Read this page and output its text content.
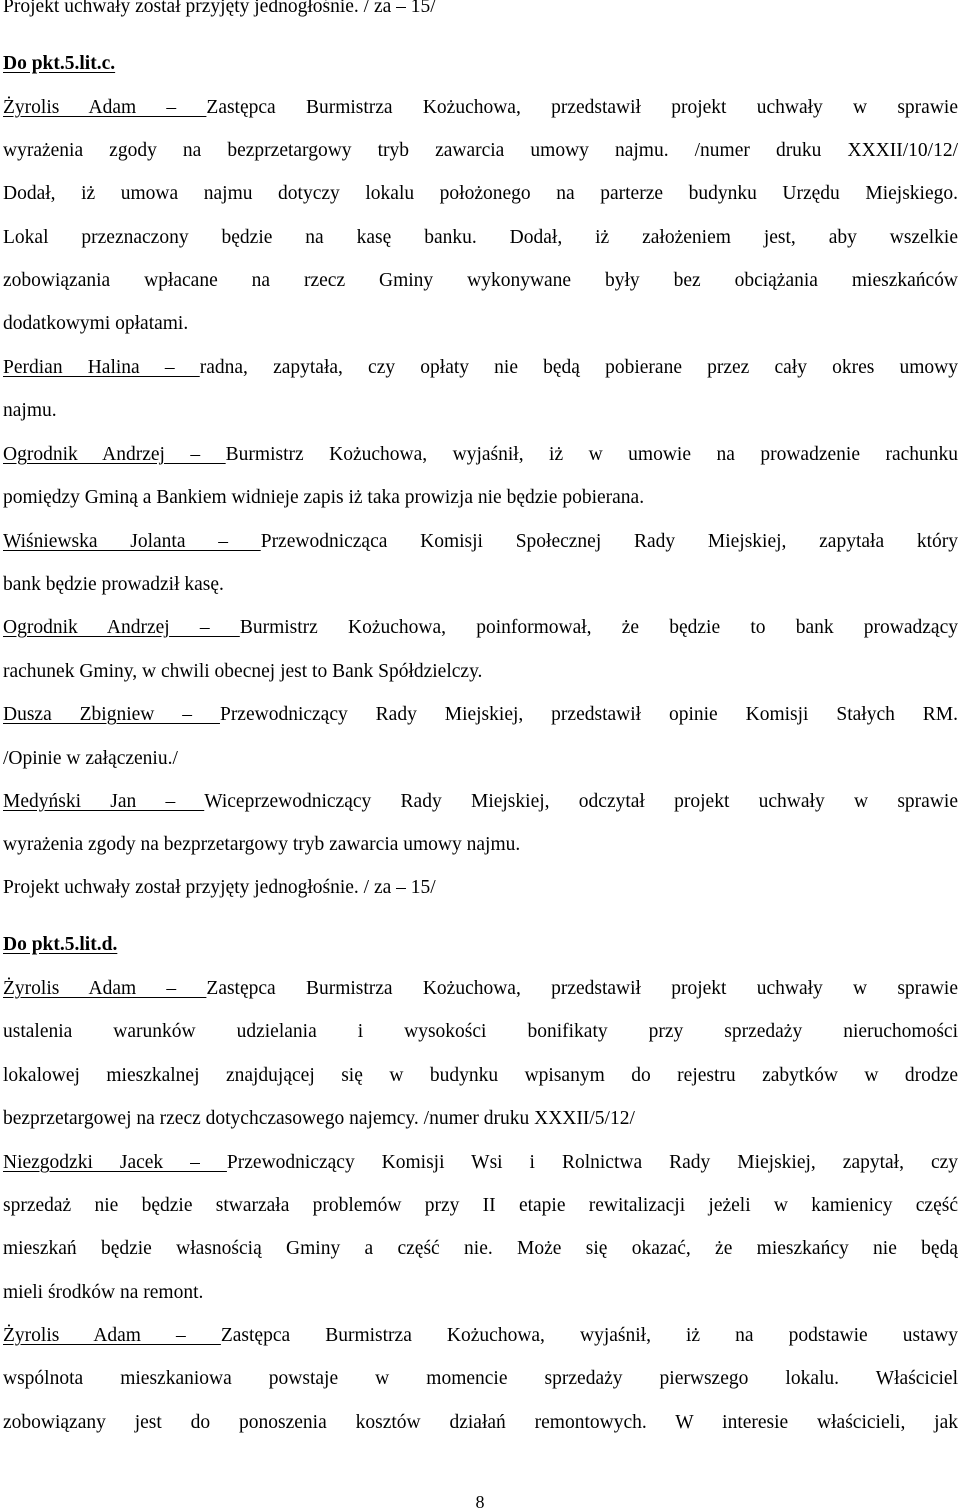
Projekt uchwały został przyjęty jednogłośnie. / za – 15/
Do pkt.5.lit.c.
Żyrolis Adam – Zastępca Burmistrza Kożuchowa, przedstawił projekt uchwały w sprawie
wyrażenia zgody na bezprzetargowy tryb zawarcia umowy najmu. /numer druku XXXII/10/12/
Dodał, iż umowa najmu dotyczy lokalu położonego na parterze budynku Urzędu Miejskiego.
Lokal przeznaczony będzie na kasę banku. Dodał, iż założeniem jest, aby wszelkie
zobowiązania wpłacane na rzecz Gminy wykonywane były bez obciążania mieszkańców
dodatkowymi opłatami.
Perdian Halina – radna, zapytała, czy opłaty nie będą pobierane przez cały okres umowy
najmu.
Ogrodnik Andrzej – Burmistrz Kożuchowa, wyjaśnił, iż w umowie na prowadzenie rachunku
pomiędzy Gminą a Bankiem widnieje zapis iż taka prowizja nie będzie pobierana.
Wiśniewska Jolanta – Przewodnicząca Komisji Społecznej Rady Miejskiej, zapytała który
bank będzie prowadził kasę.
Ogrodnik Andrzej – Burmistrz Kożuchowa, poinformował, że będzie to bank prowadzący
rachunek Gminy, w chwili obecnej jest to Bank Spółdzielczy.
Dusza Zbigniew – Przewodniczący Rady Miejskiej, przedstawił opinie Komisji Stałych RM.
/Opinie w załączeniu./
Medyński Jan – Wiceprzewodniczący Rady Miejskiej, odczytał projekt uchwały w sprawie
wyrażenia zgody na bezprzetargowy tryb zawarcia umowy najmu.
Projekt uchwały został przyjęty jednogłośnie. / za – 15/
Do pkt.5.lit.d.
Żyrolis Adam – Zastępca Burmistrza Kożuchowa, przedstawił projekt uchwały w sprawie
ustalenia warunków udzielania i wysokości bonifikaty przy sprzedaży nieruchomości
lokalowej mieszkalnej znajdującej się w budynku wpisanym do rejestru zabytków w drodze
bezprzetargowej na rzecz dotychczasowego najemcy. /numer druku XXXII/5/12/
Niezgodzki Jacek – Przewodniczący Komisji Wsi i Rolnictwa Rady Miejskiej, zapytał, czy
sprzedaż nie będzie stwarzała problemów przy II etapie rewitalizacji jeżeli w kamienicy część
mieszkań będzie własnością Gminy a część nie. Może się okazać, że mieszkańcy nie będą
mieli środków na remont.
Żyrolis Adam – Zastępca Burmistrza Kożuchowa, wyjaśnił, iż na podstawie ustawy
wspólnota mieszkaniowa powstaje w momencie sprzedaży pierwszego lokalu. Właściciel
zobowiązany jest do ponoszenia kosztów działań remontowych. W interesie właścicieli, jak
8
